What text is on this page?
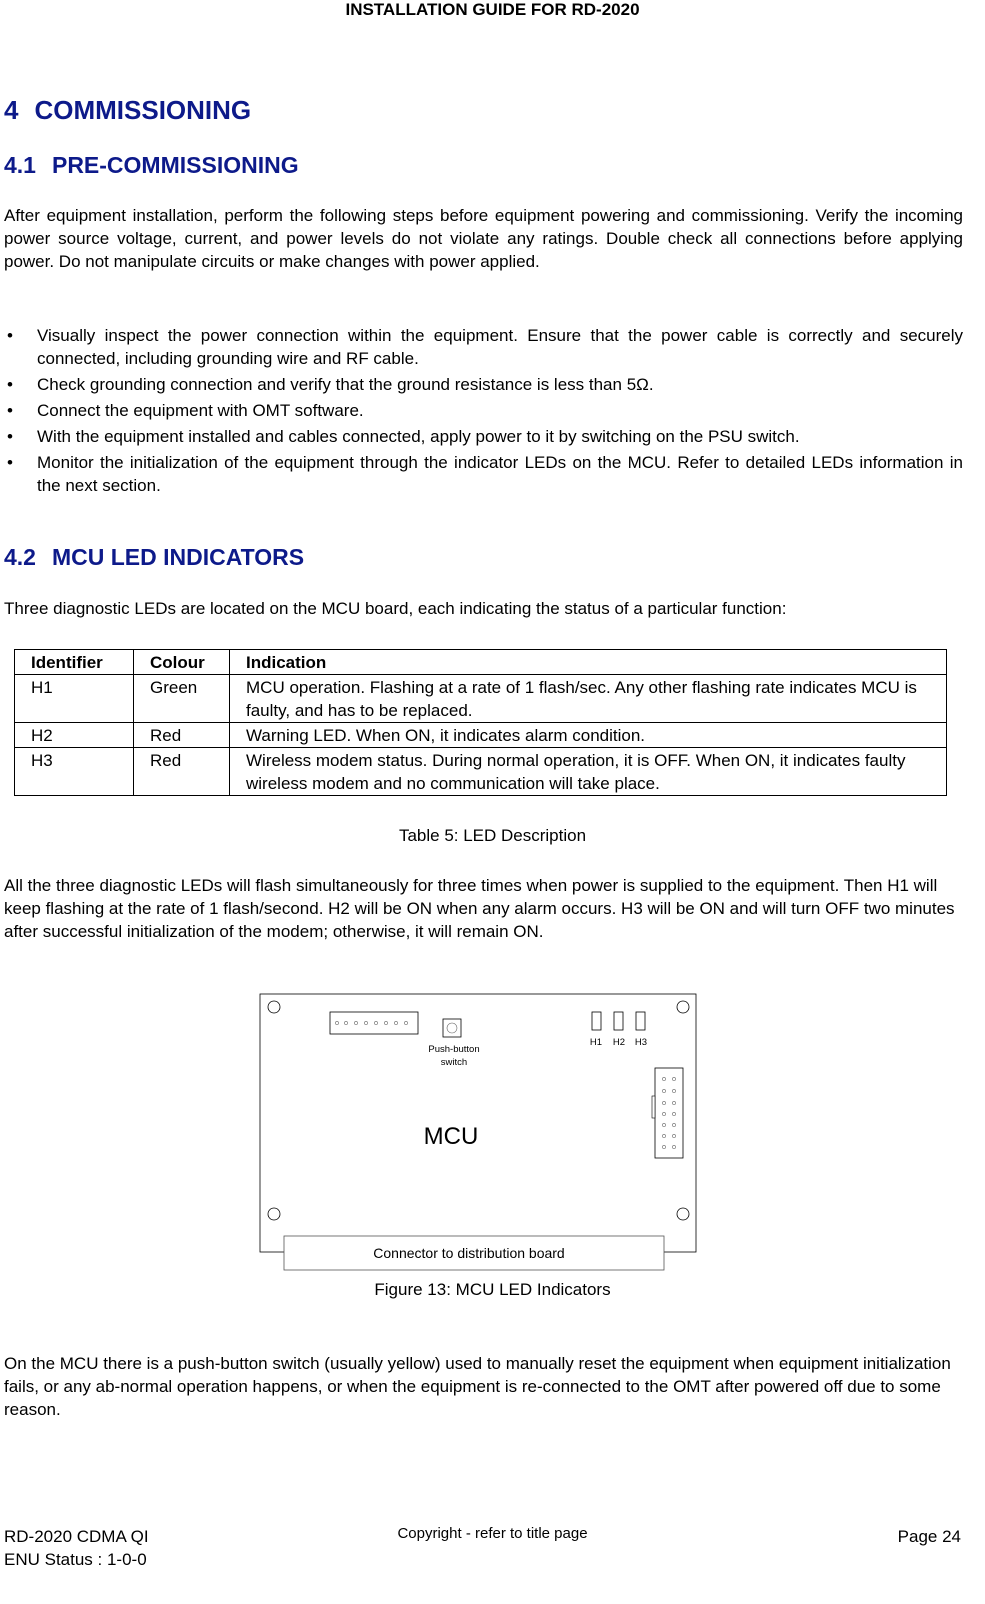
INSTALLATION GUIDE FOR RD-2020
4 COMMISSIONING
4.1 PRE-COMMISSIONING
After equipment installation, perform the following steps before equipment powering and commissioning. Verify the incoming power source voltage, current, and power levels do not violate any ratings. Double check all connections before applying power. Do not manipulate circuits or make changes with power applied.
• Visually inspect the power connection within the equipment. Ensure that the power cable is correctly and securely connected, including grounding wire and RF cable.
• Check grounding connection and verify that the ground resistance is less than 5Ω.
• Connect the equipment with OMT software.
• With the equipment installed and cables connected, apply power to it by switching on the PSU switch.
• Monitor the initialization of the equipment through the indicator LEDs on the MCU. Refer to detailed LEDs information in the next section.
4.2 MCU LED INDICATORS
Three diagnostic LEDs are located on the MCU board, each indicating the status of a particular function:
Identifier	Colour	Indication
H1	Green	MCU operation. Flashing at a rate of 1 flash/sec. Any other flashing rate indicates MCU is faulty, and has to be replaced.
H2	Red	Warning LED. When ON, it indicates alarm condition.
H3	Red	Wireless modem status. During normal operation, it is OFF. When ON, it indicates faulty wireless modem and no communication will take place.
Table 5: LED Description
All the three diagnostic LEDs will flash simultaneously for three times when power is supplied to the equipment. Then H1 will keep flashing at the rate of 1 flash/second. H2 will be ON when any alarm occurs. H3 will be ON and will turn OFF two minutes after successful initialization of the modem; otherwise, it will remain ON.
Push-button
switch
H1 H2 H3
MCU
Connector to distribution board
Figure 13: MCU LED Indicators
On the MCU there is a push-button switch (usually yellow) used to manually reset the equipment when equipment initialization fails, or any ab-normal operation happens, or when the equipment is re-connected to the OMT after powered off due to some reason.
RD-2020 CDMA QI
ENU Status : 1-0-0
Copyright - refer to title page	Page 24
